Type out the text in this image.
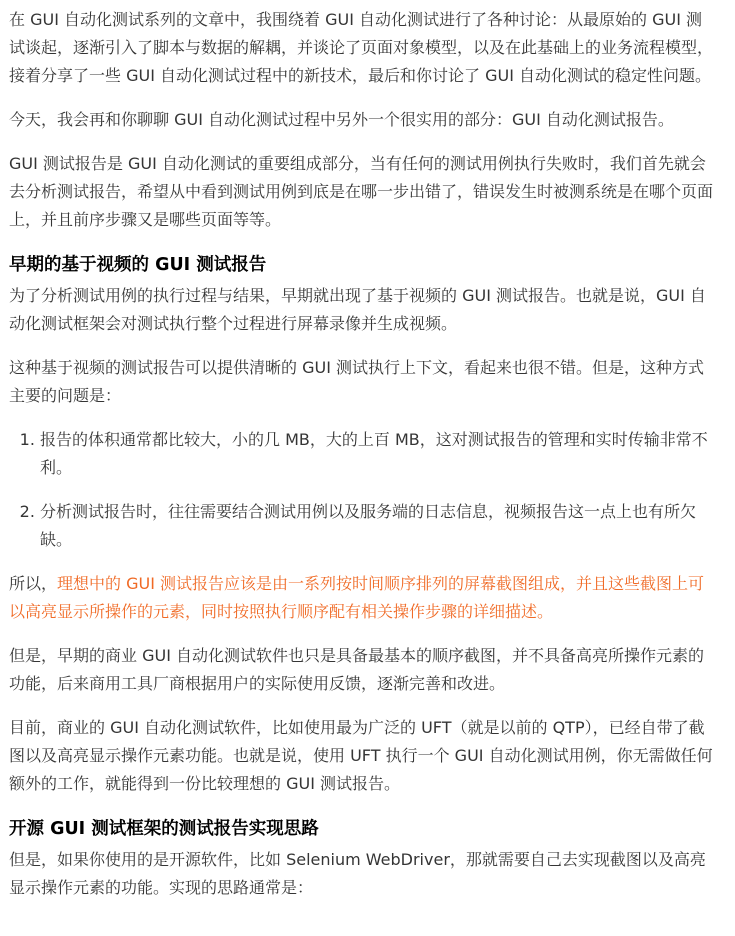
在 GUI 自动化测试系列的文章中，我围绕着 GUI 自动化测试进行了各种讨论：从最原始的 GUI 测试谈起，逐渐引入了脚本与数据的解耦，并谈论了页面对象模型，以及在此基础上的业务流程模型，接着分享了一些 GUI 自动化测试过程中的新技术，最后和你讨论了 GUI 自动化测试的稳定性问题。

今天，我会再和你聊聊 GUI 自动化测试过程中另外一个很实用的部分：GUI 自动化测试报告。

GUI 测试报告是 GUI 自动化测试的重要组成部分，当有任何的测试用例执行失败时，我们首先就会去分析测试报告，希望从中看到测试用例到底是在哪一步出错了，错误发生时被测系统是在哪个页面上，并且前序步骤又是哪些页面等等。

早期的基于视频的 GUI 测试报告

为了分析测试用例的执行过程与结果，早期就出现了基于视频的 GUI 测试报告。也就是说，GUI 自动化测试框架会对测试执行整个过程进行屏幕录像并生成视频。

这种基于视频的测试报告可以提供清晰的 GUI 测试执行上下文，看起来也很不错。但是，这种方式主要的问题是：

1. 报告的体积通常都比较大，小的几 MB，大的上百 MB，这对测试报告的管理和实时传输非常不利。
2. 分析测试报告时，往往需要结合测试用例以及服务端的日志信息，视频报告这一点上也有所欠缺。

所以，理想中的 GUI 测试报告应该是由一系列按时间顺序排列的屏幕截图组成，并且这些截图上可以高亮显示所操作的元素，同时按照执行顺序配有相关操作步骤的详细描述。

但是，早期的商业 GUI 自动化测试软件也只是具备最基本的顺序截图，并不具备高亮所操作元素的功能，后来商用工具厂商根据用户的实际使用反馈，逐渐完善和改进。

目前，商业的 GUI 自动化测试软件，比如使用最为广泛的 UFT（就是以前的 QTP），已经自带了截图以及高亮显示操作元素功能。也就是说，使用 UFT 执行一个 GUI 自动化测试用例，你无需做任何额外的工作，就能得到一份比较理想的 GUI 测试报告。

开源 GUI 测试框架的测试报告实现思路

但是，如果你使用的是开源软件，比如 Selenium WebDriver，那就需要自己去实现截图以及高亮显示操作元素的功能。实现的思路通常是：
